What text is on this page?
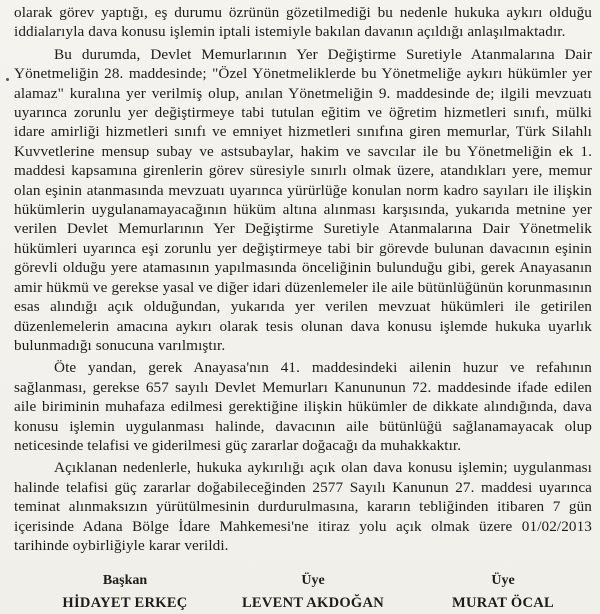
olarak görev yaptığı, eş durumu özrünün gözetilmediği bu nedenle hukuka aykırı olduğu iddialarıyla dava konusu işlemin iptali istemiyle bakılan davanın açıldığı anlaşılmaktadır.

Bu durumda, Devlet Memurlarının Yer Değiştirme Suretiyle Atanmalarına Dair Yönetmeliğin 28. maddesinde; "Özel Yönetmeliklerde bu Yönetmeliğe aykırı hükümler yer alamaz" kuralına yer verilmiş olup, anılan Yönetmeliğin 9. maddesinde de; ilgili mevzuatı uyarınca zorunlu yer değiştirmeye tabi tutulan eğitim ve öğretim hizmetleri sınıfı, mülki idare amirliği hizmetleri sınıfı ve emniyet hizmetleri sınıfına giren memurlar, Türk Silahlı Kuvvetlerine mensup subay ve astsubaylar, hakim ve savcılar ile bu Yönetmeliğin ek 1. maddesi kapsamına girenlerin görev süresiyle sınırlı olmak üzere, atandıkları yere, memur olan eşinin atanmasında mevzuatı uyarınca yürürlüğe konulan norm kadro sayıları ile ilişkin hükümlerin uygulanamayacağının hüküm altına alınması karşısında, yukarıda metnine yer verilen Devlet Memurlarının Yer Değiştirme Suretiyle Atanmalarına Dair Yönetmelik hükümleri uyarınca eşi zorunlu yer değiştirmeye tabi bir görevde bulunan davacının eşinin görevli olduğu yere atamasının yapılmasında önceliğinin bulunduğu gibi, gerek Anayasanın amir hükmü ve gerekse yasal ve diğer idari düzenlemeler ile aile bütünlüğünün korunmasının esas alındığı açık olduğundan, yukarıda yer verilen mevzuat hükümleri ile getirilen düzenlemelerin amacına aykırı olarak tesis olunan dava konusu işlemde hukuka uyarlık bulunmadığı sonucuna varılmıştır.

Öte yandan, gerek Anayasa'nın 41. maddesindeki ailenin huzur ve refahının sağlanması, gerekse 657 sayılı Devlet Memurları Kanununun 72. maddesinde ifade edilen aile biriminin muhafaza edilmesi gerektiğine ilişkin hükümler de dikkate alındığında, dava konusu işlemin uygulanması halinde, davacının aile bütünlüğü sağlanamayacak olup neticesinde telafisi ve giderilmesi güç zararlar doğacağı da muhakkaktır.

Açıklanan nedenlerle, hukuka aykırılığı açık olan dava konusu işlemin; uygulanması halinde telafisi güç zararlar doğabileceğinden 2577 Sayılı Kanunun 27. maddesi uyarınca teminat alınmaksızın yürütülmesinin durdurulmasına, kararın tebliğinden itibaren 7 gün içerisinde Adana Bölge İdare Mahkemesi'ne itiraz yolu açık olmak üzere 01/02/2013 tarihinde oybirliğiyle karar verildi.

Başkan
HİDAYET ERKEÇ
Üye
LEVENT AKDOĞAN
Üye
MURAT ÖCAL
